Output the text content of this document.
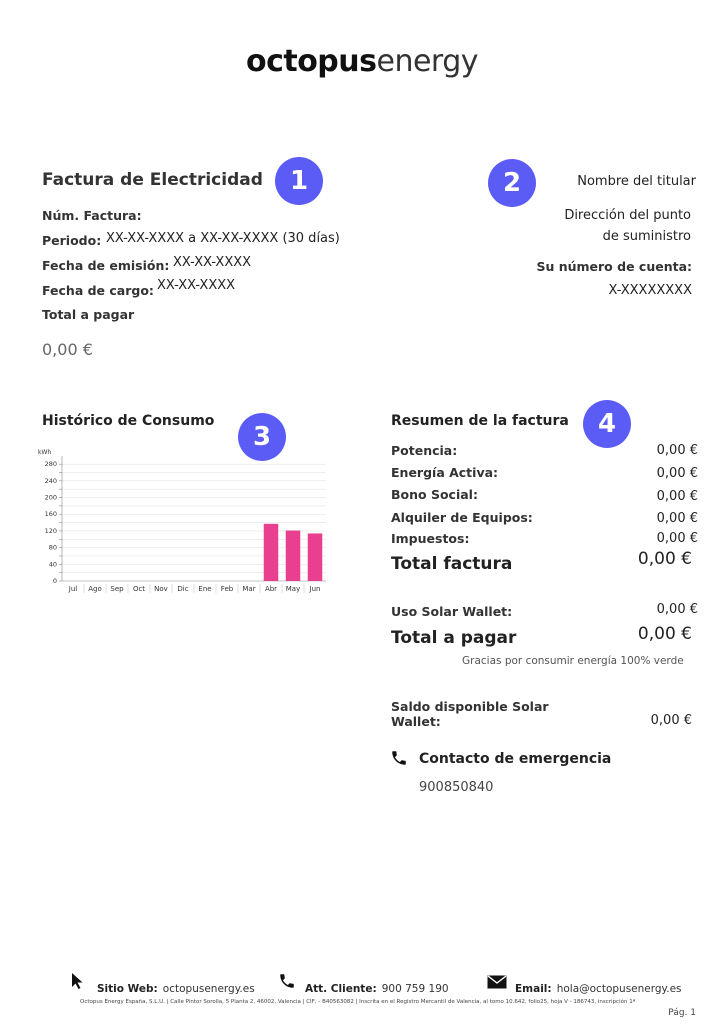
octopusenergy
1	2
3	4
Factura de Electricidad
Núm. Factura:
Periodo: XX-XX-XXXX a XX-XX-XXXX (30 días)
Fecha de emisión: XX-XX-XXXX
Fecha de cargo: XX-XX-XXXX
Total a pagar
0,00 €
Nombre del titular
Dirección del punto
de suministro
Su número de cuenta:
X-XXXXXXXX
Histórico de Consumo
kWh
0
40
80
120
160
200
240
280
Jul Ago Sep Oct Nov Dic Ene Feb Mar Abr May Jun
Resumen de la factura
Potencia:	0,00 €
Energía Activa:	0,00 €
Bono Social:	0,00 €
Alquiler de Equipos:	0,00 €
Impuestos:	0,00 €
Total factura	0,00 €
Uso Solar Wallet:	0,00 €
Total a pagar	0,00 €
Gracias por consumir energía 100% verde
Saldo disponible Solar
Wallet:	0,00 €
Contacto de emergencia
900850840
Sitio Web: octopusenergy.es	Att. Cliente: 900 759 190	Email: hola@octopusenergy.es
Octopus Energy España, S.L.U. | Calle Pintor Sorolla, 5 Planta 2, 46002, Valencia | CIF, - B40563082 | Inscrita en el Registro Mercantil de Valencia, al tomo 10.642, folio25, hoja V - 186743, inscripción 1ª
Pág. 1
